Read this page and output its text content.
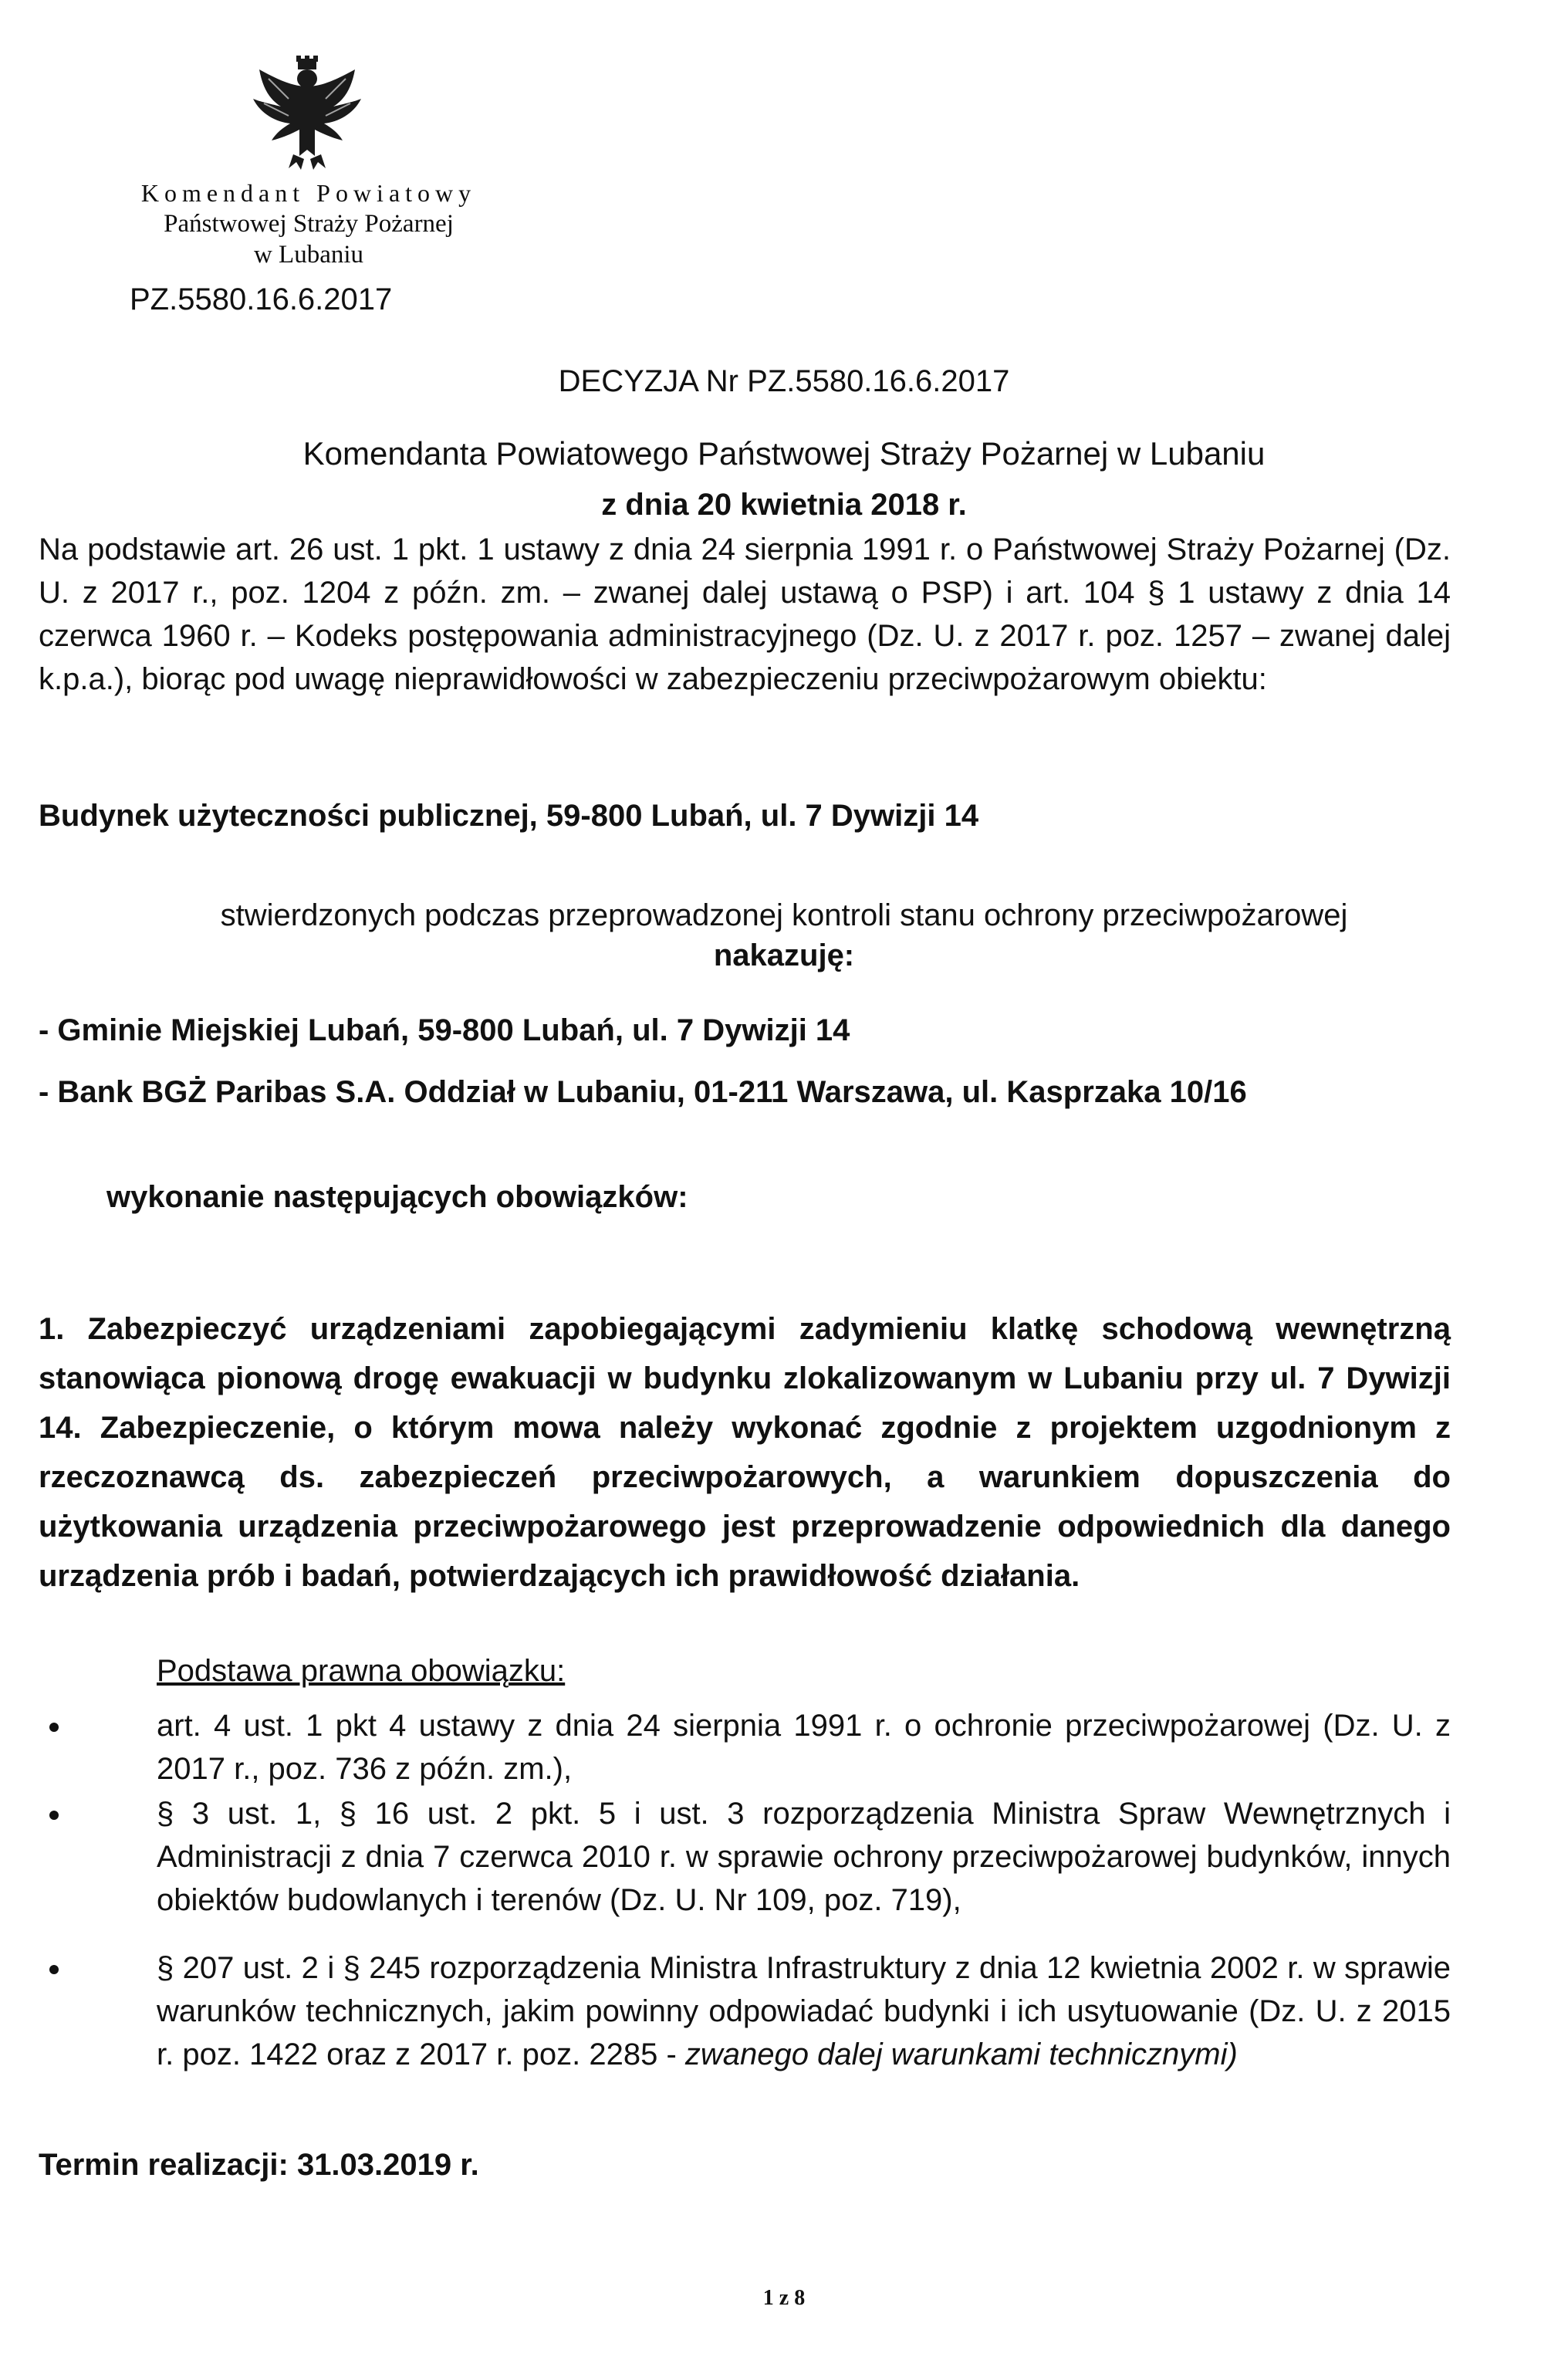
Komendant Powiatowy
Państwowej Straży Pożarnej
w Lubaniu
PZ.5580.16.6.2017
DECYZJA Nr PZ.5580.16.6.2017
Komendanta Powiatowego Państwowej Straży Pożarnej w Lubaniu
z dnia 20 kwietnia 2018 r.
Na podstawie art. 26 ust. 1 pkt. 1 ustawy z dnia 24 sierpnia 1991 r. o Państwowej Straży Pożarnej (Dz. U. z 2017 r., poz. 1204 z późn. zm. – zwanej dalej ustawą o PSP) i art. 104 § 1 ustawy z dnia 14 czerwca 1960 r. – Kodeks postępowania administracyjnego (Dz. U. z 2017 r. poz. 1257 – zwanej dalej k.p.a.), biorąc pod uwagę nieprawidłowości w zabezpieczeniu przeciwpożarowym obiektu:
Budynek użyteczności publicznej, 59-800 Lubań, ul. 7 Dywizji 14
stwierdzonych podczas przeprowadzonej kontroli stanu ochrony przeciwpożarowej
nakazuję:
- Gminie Miejskiej Lubań, 59-800 Lubań, ul. 7 Dywizji 14
- Bank BGŻ Paribas S.A. Oddział w Lubaniu, 01-211 Warszawa, ul. Kasprzaka 10/16
wykonanie następujących obowiązków:
1. Zabezpieczyć urządzeniami zapobiegającymi zadymieniu klatkę schodową wewnętrzną stanowiąca pionową drogę ewakuacji w budynku zlokalizowanym w Lubaniu przy ul. 7 Dywizji 14. Zabezpieczenie, o którym mowa należy wykonać zgodnie z projektem uzgodnionym z rzeczoznawcą ds. zabezpieczeń przeciwpożarowych, a warunkiem dopuszczenia do użytkowania urządzenia przeciwpożarowego jest przeprowadzenie odpowiednich dla danego urządzenia prób i badań, potwierdzających ich prawidłowość działania.
Podstawa prawna obowiązku:
art. 4 ust. 1 pkt 4 ustawy z dnia 24 sierpnia 1991 r. o ochronie przeciwpożarowej (Dz. U. z 2017 r., poz. 736 z późn. zm.),
§ 3 ust. 1, § 16 ust. 2 pkt. 5 i ust. 3 rozporządzenia Ministra Spraw Wewnętrznych i Administracji z dnia 7 czerwca 2010 r. w sprawie ochrony przeciwpożarowej budynków, innych obiektów budowlanych i terenów (Dz. U. Nr 109, poz. 719),
§ 207 ust. 2 i § 245 rozporządzenia Ministra Infrastruktury z dnia 12 kwietnia 2002 r. w sprawie warunków technicznych, jakim powinny odpowiadać budynki i ich usytuowanie (Dz. U. z 2015 r. poz. 1422 oraz z 2017 r. poz. 2285 - zwanego dalej warunkami technicznymi)
Termin realizacji: 31.03.2019 r.
1 z 8
